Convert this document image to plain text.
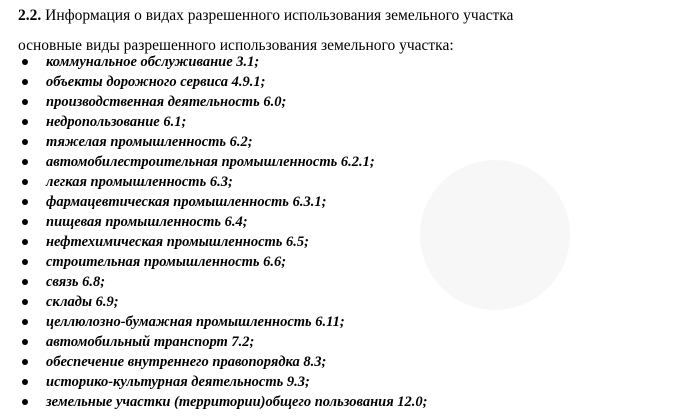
2.2. Информация о видах разрешенного использования земельного участка
основные виды разрешенного использования земельного участка:
коммунальное обслуживание 3.1;
объекты дорожного сервиса 4.9.1;
производственная деятельность 6.0;
недропользование 6.1;
тяжелая промышленность 6.2;
автомобилестроительная промышленность 6.2.1;
легкая промышленность 6.3;
фармацевтическая промышленность 6.3.1;
пищевая промышленность 6.4;
нефтехимическая промышленность 6.5;
строительная промышленность 6.6;
связь 6.8;
склады 6.9;
целлюлозно-бумажная промышленность 6.11;
автомобильный транспорт 7.2;
обеспечение внутреннего правопорядка 8.3;
историко-культурная деятельность 9.3;
земельные участки (территории)общего пользования 12.0;
